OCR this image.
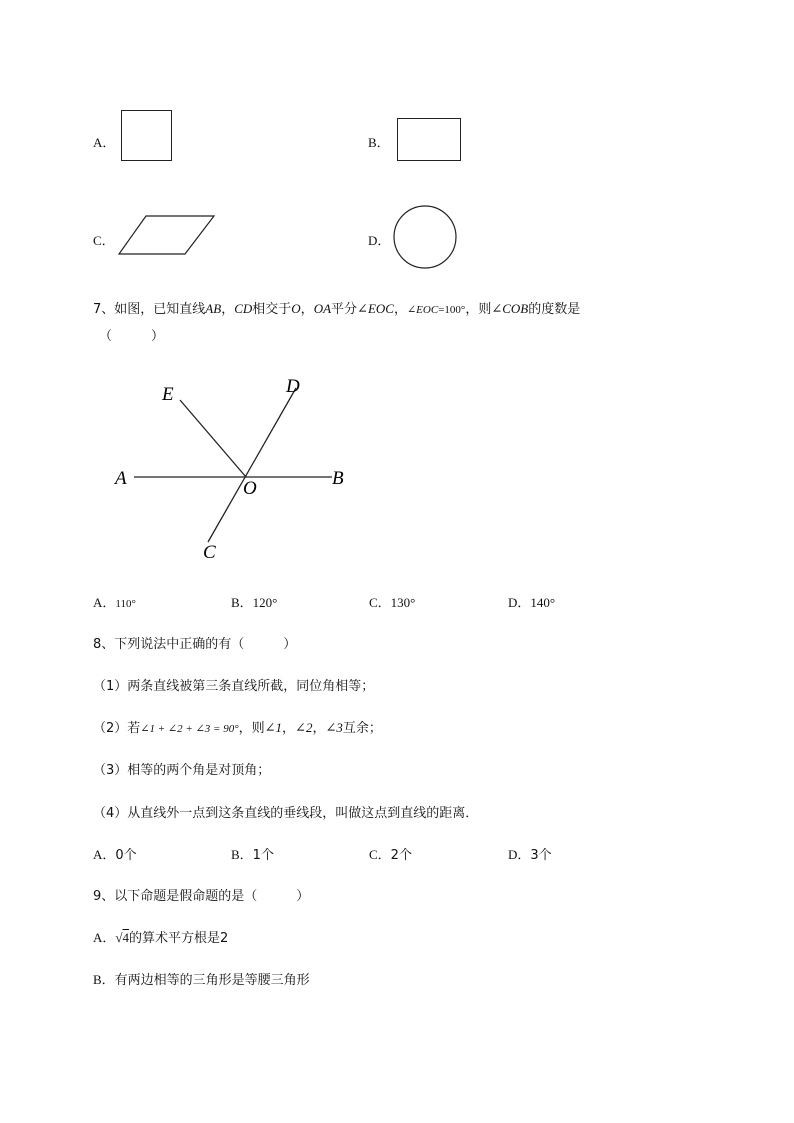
A．	B．
C．	D．
7、如图，已知直线AB，CD相交于O，OA平分∠EOC，∠EOC=100°，则∠COB的度数是
（　　　）
E	D
A	O	B
C
A．110°	B．120°	C．130°	D．140°
8、下列说法中正确的有（　　　）
（1）两条直线被第三条直线所截，同位角相等；
（2）若∠1 + ∠2 + ∠3 = 90°，则∠1，∠2，∠3互余；
（3）相等的两个角是对顶角；
（4）从直线外一点到这条直线的垂线段，叫做这点到直线的距离．
A．0个	B．1个	C．2个	D．3个
9、以下命题是假命题的是（　　　）
A．√4的算术平方根是2
B．有两边相等的三角形是等腰三角形
